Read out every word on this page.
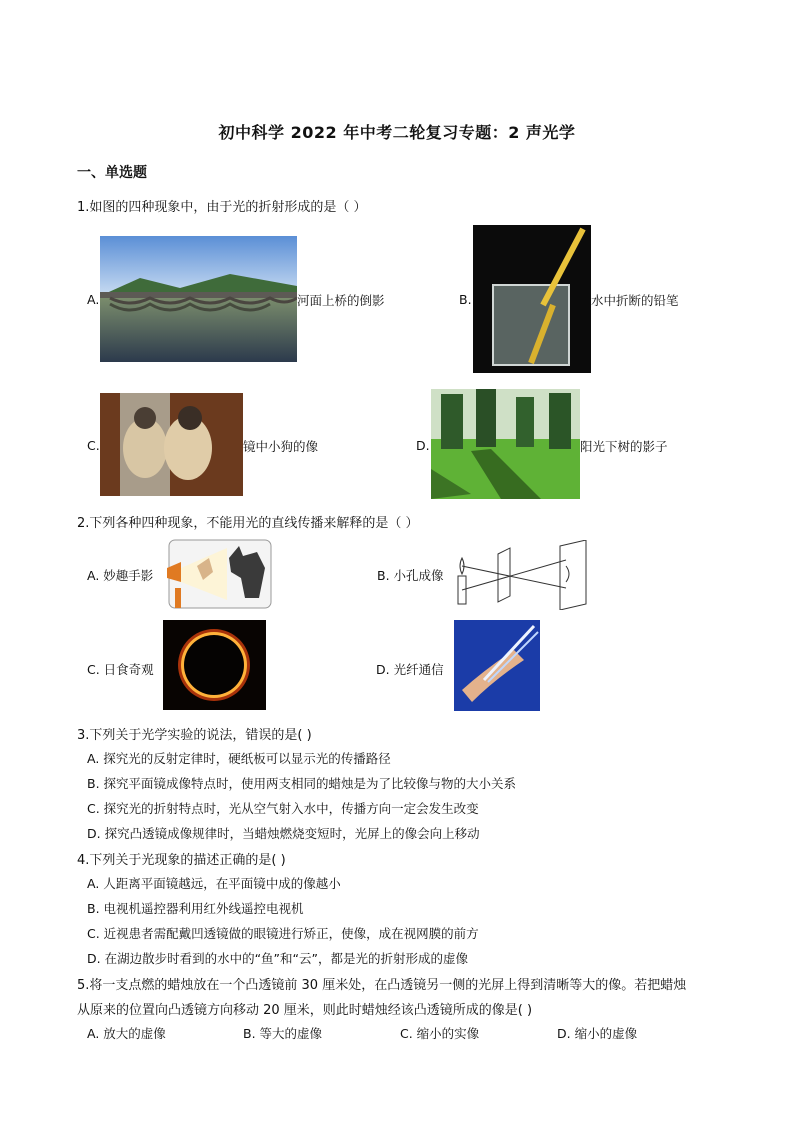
初中科学 2022 年中考二轮复习专题：2 声光学
一、单选题
1.如图的四种现象中，由于光的折射形成的是（ ）
A.	河面上桥的倒影	B.	水中折断的铅笔
C.	镜中小狗的像	D.	阳光下树的影子
2.下列各种四种现象，不能用光的直线传播来解释的是（ ）
A. 妙趣手影	B. 小孔成像
C. 日食奇观	D. 光纤通信
3.下列关于光学实验的说法，错误的是( )
A. 探究光的反射定律时，硬纸板可以显示光的传播路径
B. 探究平面镜成像特点时，使用两支相同的蜡烛是为了比较像与物的大小关系
C. 探究光的折射特点时，光从空气射入水中，传播方向一定会发生改变
D. 探究凸透镜成像规律时，当蜡烛燃烧变短时，光屏上的像会向上移动
4.下列关于光现象的描述正确的是( )
A. 人距离平面镜越远，在平面镜中成的像越小
B. 电视机遥控器利用红外线遥控电视机
C. 近视患者需配戴凹透镜做的眼镜进行矫正，使像，成在视网膜的前方
D. 在湖边散步时看到的水中的“鱼”和“云”，都是光的折射形成的虚像
5.将一支点燃的蜡烛放在一个凸透镜前 30 厘米处，在凸透镜另一侧的光屏上得到清晰等大的像。若把蜡烛
从原来的位置向凸透镜方向移动 20 厘米，则此时蜡烛经该凸透镜所成的像是( )
A. 放大的虚像	B. 等大的虚像	C. 缩小的实像	D. 缩小的虚像
